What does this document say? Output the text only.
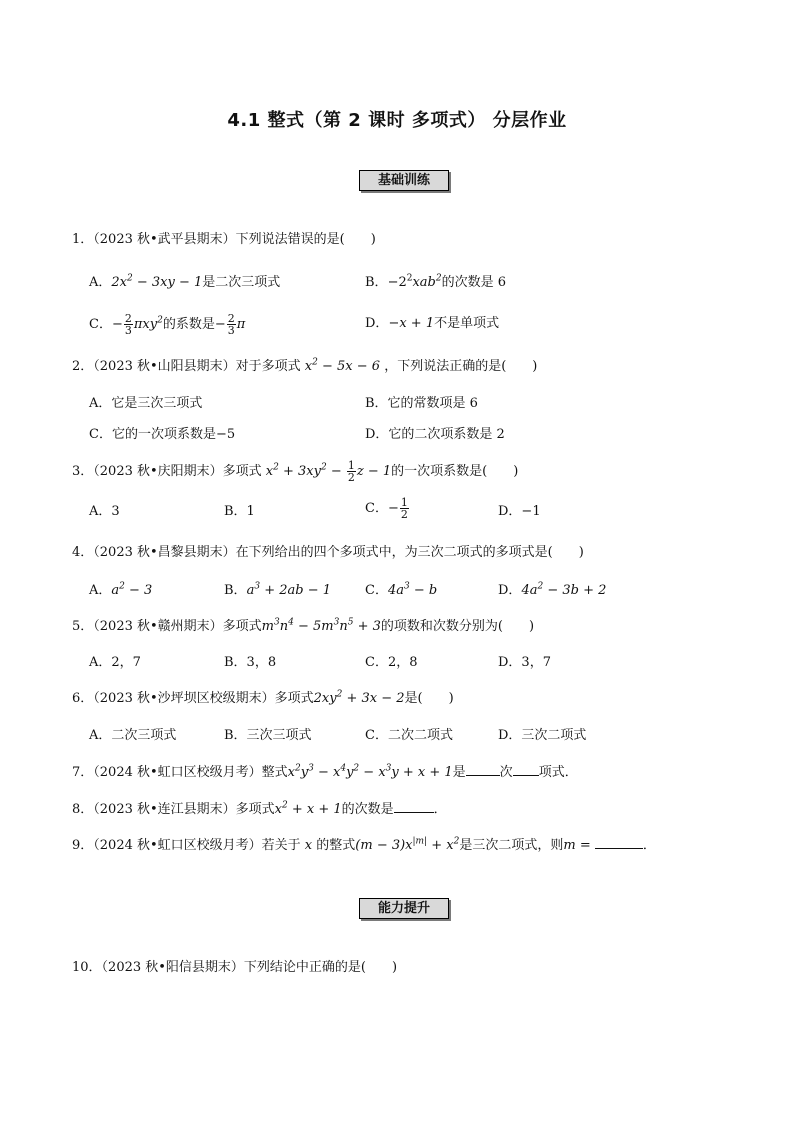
4.1 整式（第 2 课时 多项式） 分层作业
基础训练
1．（2023 秋•武平县期末）下列说法错误的是(　　)
A．$2x^2 - 3xy - 1$是二次三项式	B．$-2^2xab^2$的次数是 6
C．− $\frac{2}{3} \pi xy^2$的系数是− $\frac{2}{3}$ π	D．−x + 1不是单项式
2．（2023 秋•山阳县期末）对于多项式 $x^2 - 5x - 6$ ，下列说法正确的是(　　)
A．它是三次三项式	B．它的常数项是 6
C．它的一次项系数是−5	D．它的二次项系数是 2
3．（2023 秋•庆阳期末）多项式 $x^2 + 3xy^2 - \frac{1}{2}$ z − 1的一次项系数是(　　)
A．3	B．1	C．− $\frac{1}{2}$	D．−1
4．（2023 秋•昌黎县期末）在下列给出的四个多项式中，为三次二项式的多项式是(　　)
A．$a^2 - 3$	B．$a^3 + 2ab - 1$	C．$4a^3 - b$	D．$4a^2 - 3b + 2$
5．（2023 秋•赣州期末）多项式$m^3n^4 - 5m^3n^5 + 3$的项数和次数分别为(　　)
A．2，7	B．3，8	C．2，8	D．3，7
6．（2023 秋•沙坪坝区校级期末）多项式$2xy^2 + 3x - 2$是(　　)
A．二次三项式	B．三次三项式	C．二次二项式	D．三次二项式
7．（2024 秋•虹口区校级月考）整式$x^2y^3 - x^4y^2 - x^3y + x + 1$是	次 项式．
8．（2023 秋•连江县期末）多项式$x^2 + x + 1$的次数是	．
9．（2024 秋•虹口区校级月考）若关于 x 的整式$(m - 3)x^{|m|} + x^2$是三次二项式，则m =	．
能力提升
10．（2023 秋•阳信县期末）下列结论中正确的是(　　)
